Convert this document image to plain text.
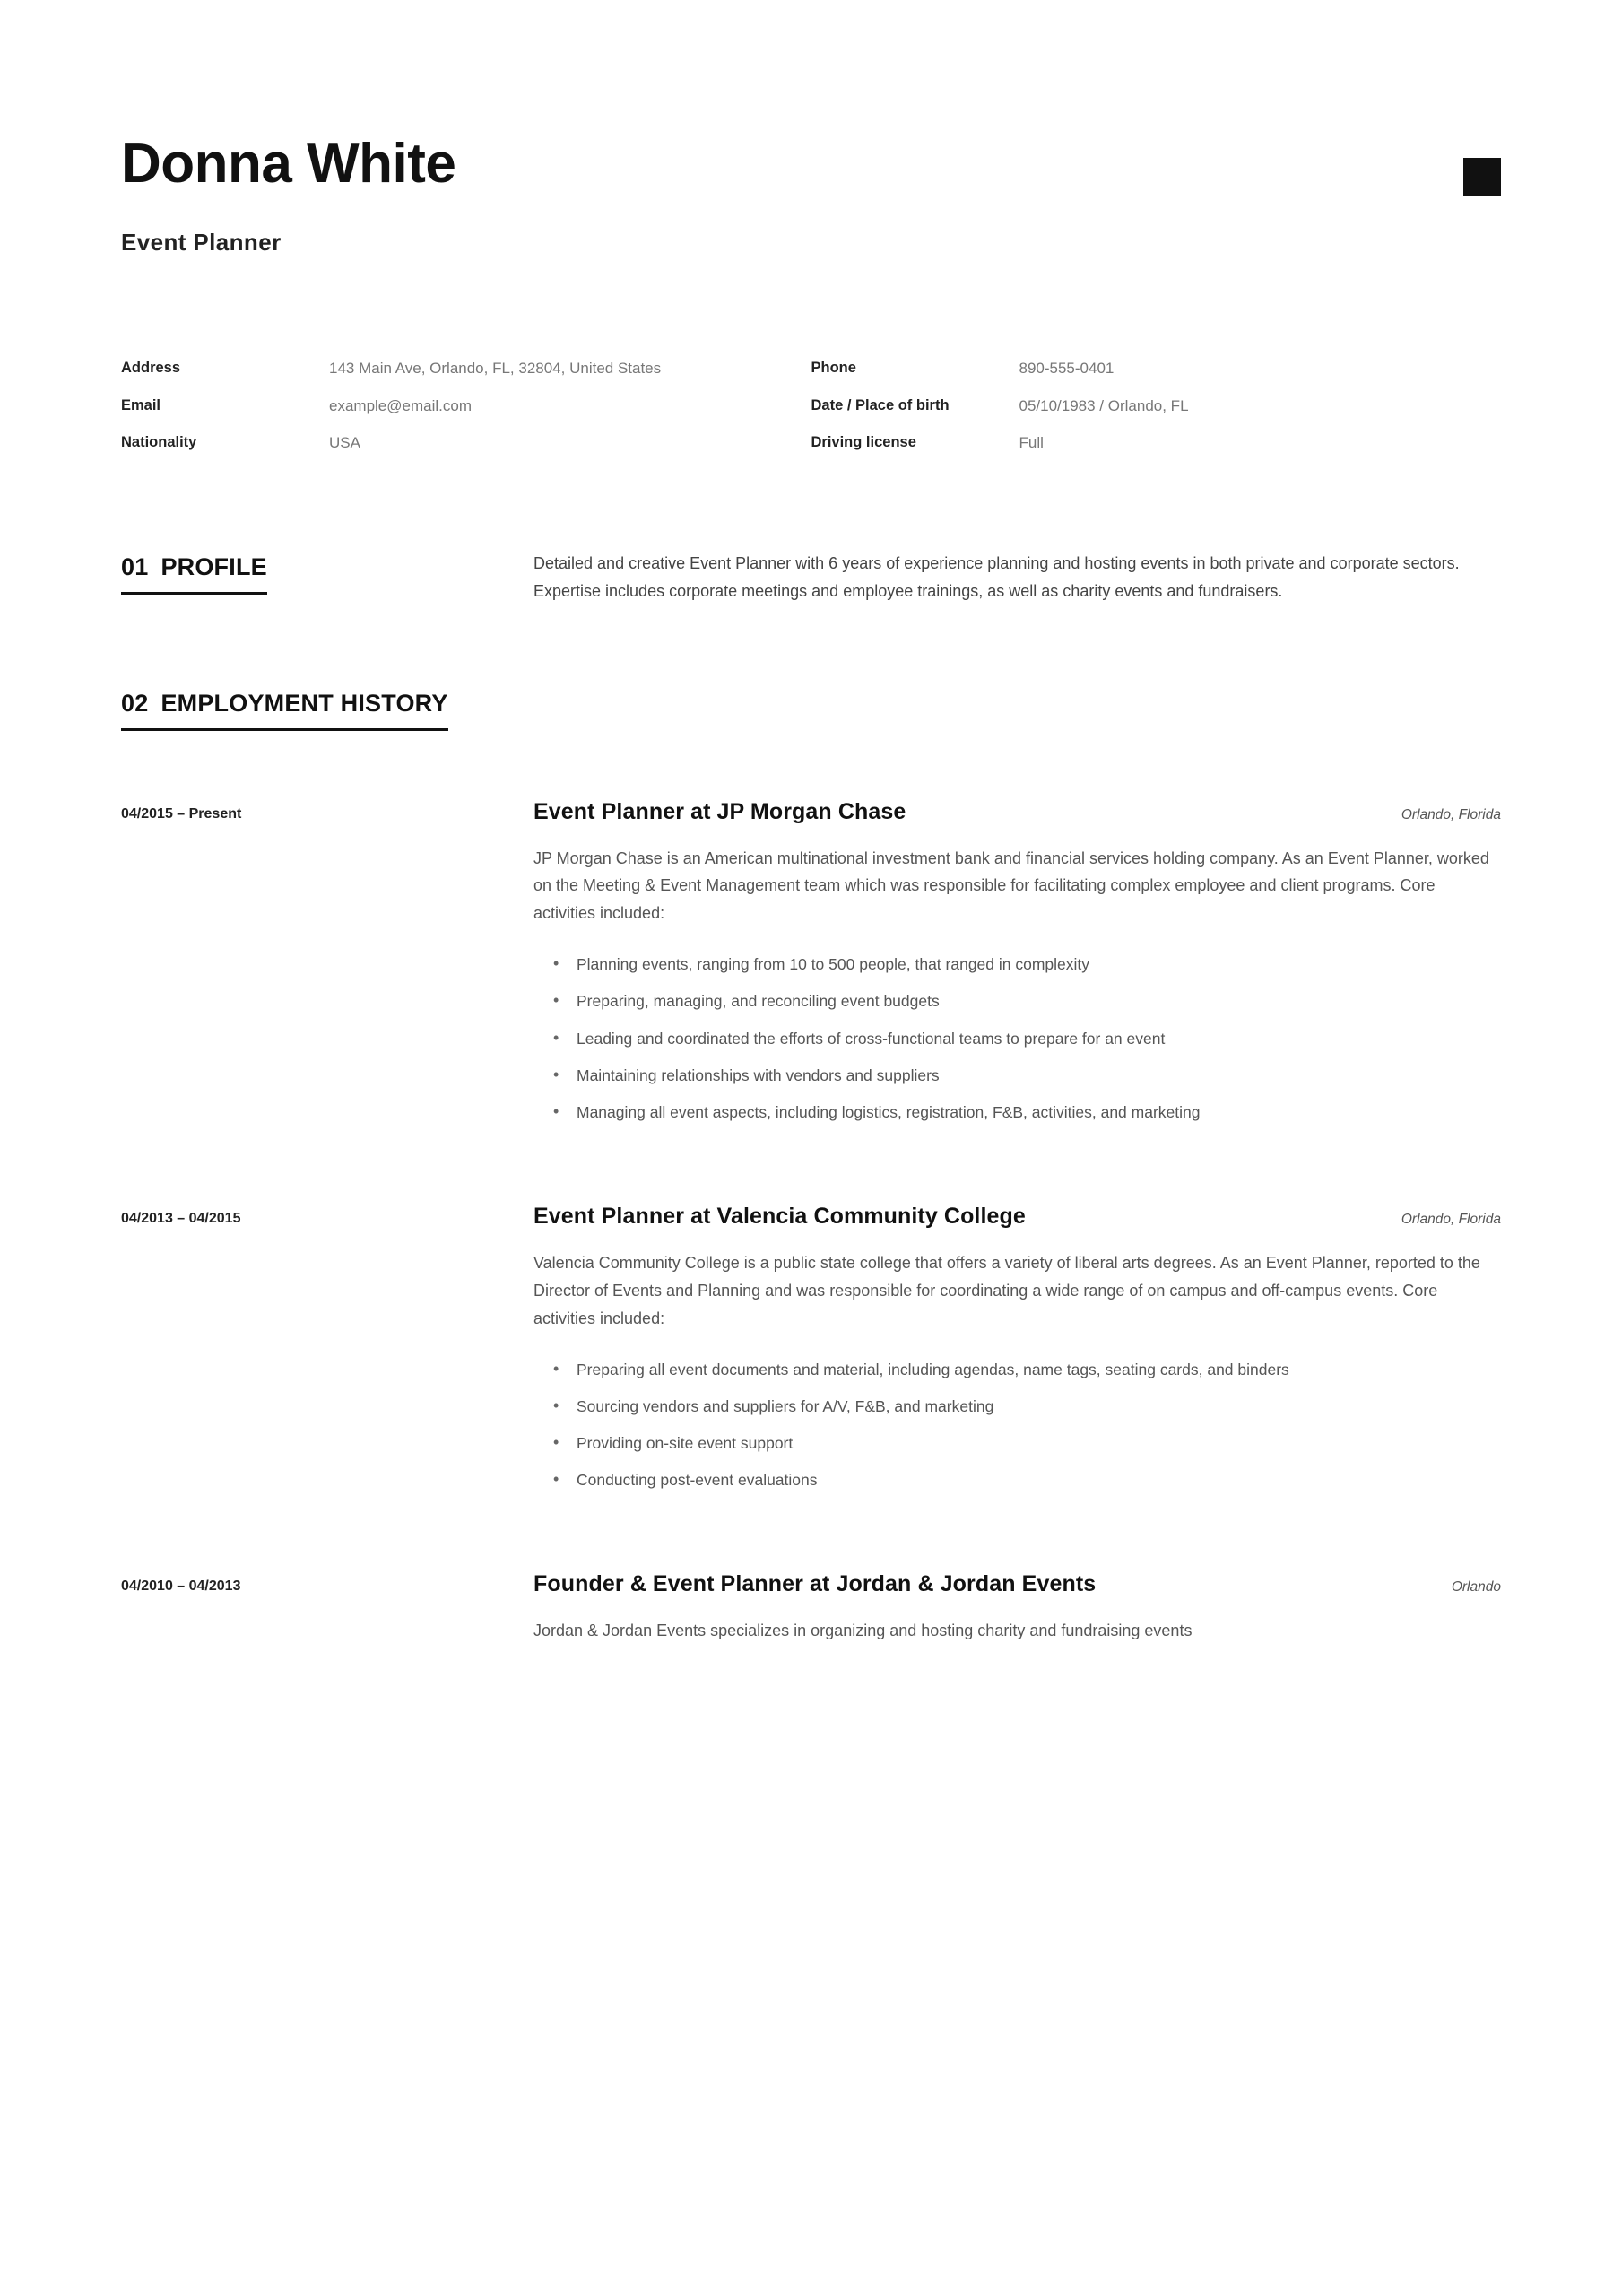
Donna White
Event Planner
Address	143 Main Ave, Orlando, FL, 32804, United States
Email	example@email.com
Nationality	USA
Phone	890-555-0401
Date / Place of birth	05/10/1983 / Orlando, FL
Driving license	Full
01 PROFILE	Detailed and creative Event Planner with 6 years of experience planning and hosting events in both private and corporate sectors. Expertise includes corporate meetings and employee trainings, as well as charity events and fundraisers.
02 EMPLOYMENT HISTORY
04/2015 – Present	Event Planner at JP Morgan Chase	Orlando, Florida
JP Morgan Chase is an American multinational investment bank and financial services holding company. As an Event Planner, worked on the Meeting & Event Management team which was responsible for facilitating complex employee and client programs. Core activities included:
• Planning events, ranging from 10 to 500 people, that ranged in complexity
• Preparing, managing, and reconciling event budgets
• Leading and coordinated the efforts of cross-functional teams to prepare for an event
• Maintaining relationships with vendors and suppliers
• Managing all event aspects, including logistics, registration, F&B, activities, and marketing
04/2013 – 04/2015	Event Planner at Valencia Community College	Orlando, Florida
Valencia Community College is a public state college that offers a variety of liberal arts degrees. As an Event Planner, reported to the Director of Events and Planning and was responsible for coordinating a wide range of on campus and off-campus events. Core activities included:
• Preparing all event documents and material, including agendas, name tags, seating cards, and binders
• Sourcing vendors and suppliers for A/V, F&B, and marketing
• Providing on-site event support
• Conducting post-event evaluations
04/2010 – 04/2013	Founder & Event Planner at Jordan & Jordan Events	Orlando
Jordan & Jordan Events specializes in organizing and hosting charity and fundraising events
